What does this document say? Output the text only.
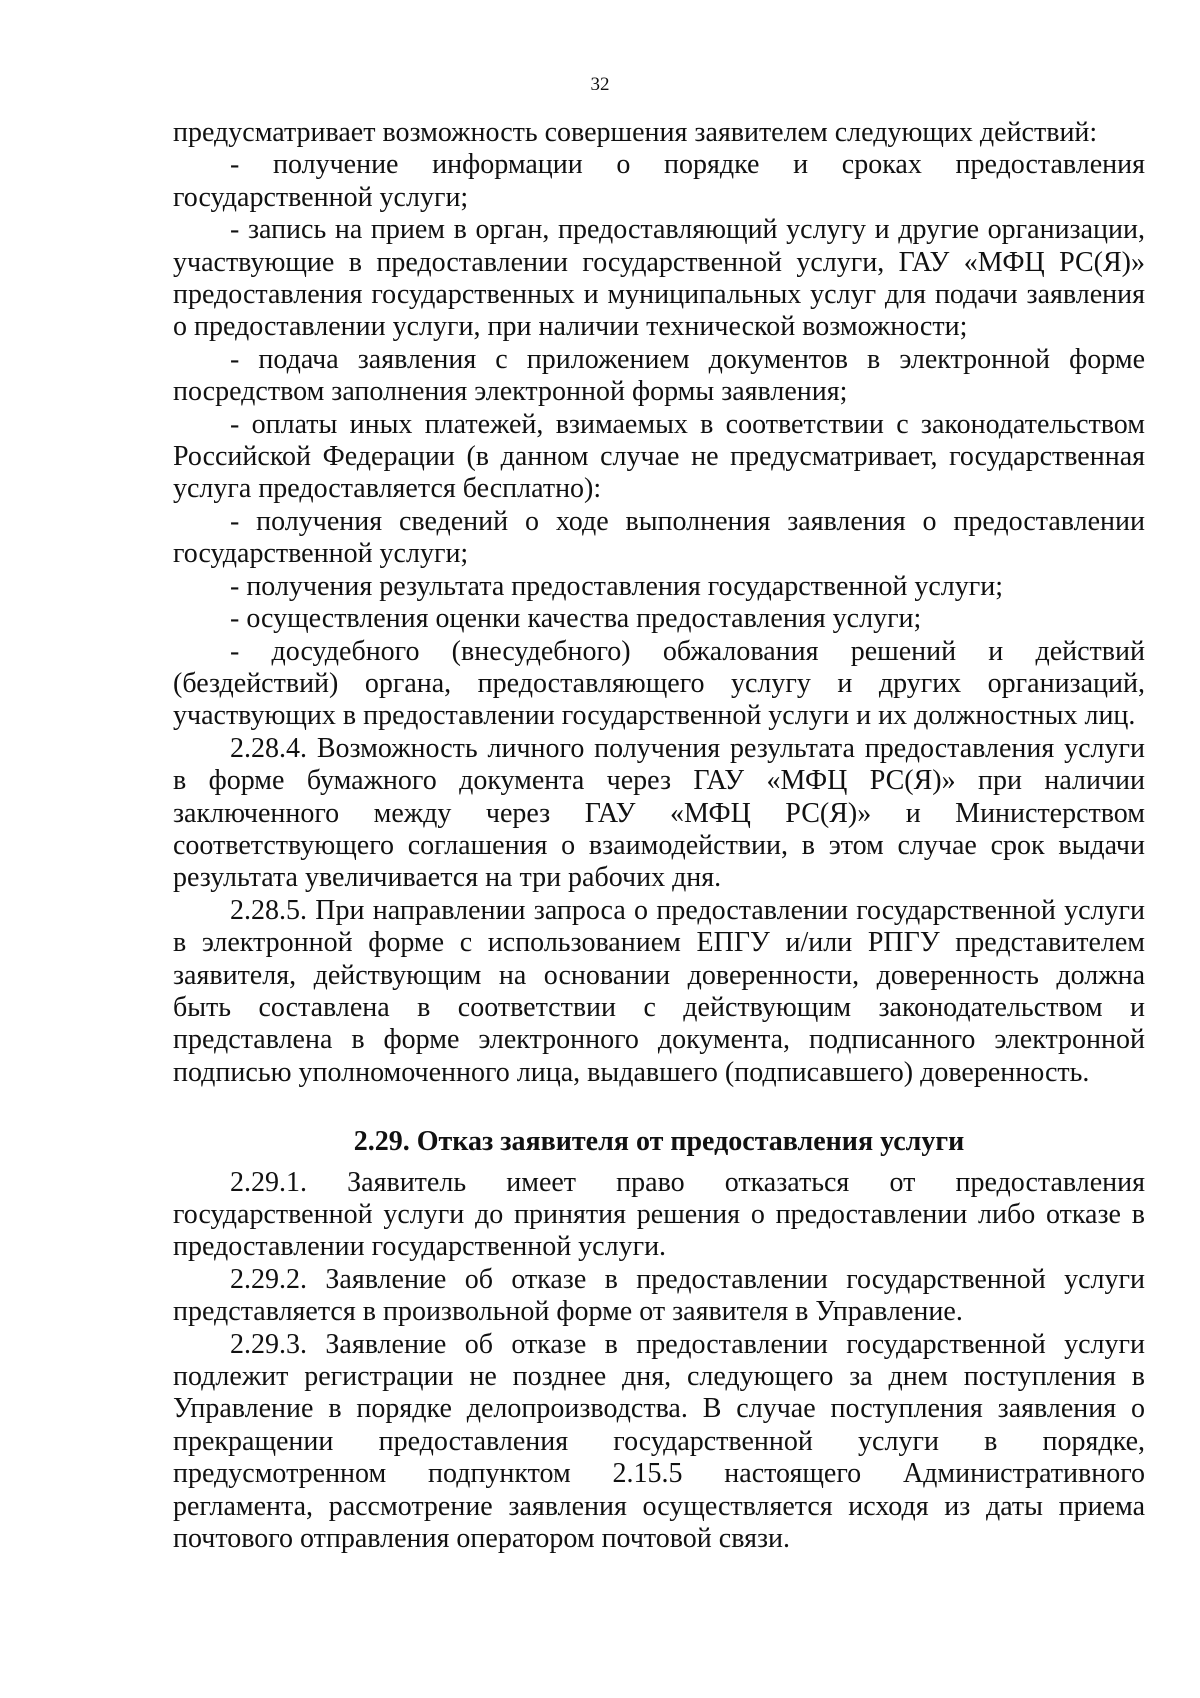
32

предусматривает возможность совершения заявителем следующих действий:

- получение информации о порядке и сроках предоставления государственной услуги;

- запись на прием в орган, предоставляющий услугу и другие организации, участвующие в предоставлении государственной услуги, ГАУ «МФЦ РС(Я)» предоставления государственных и муниципальных услуг для подачи заявления о предоставлении услуги, при наличии технической возможности;

- подача заявления с приложением документов в электронной форме посредством заполнения электронной формы заявления;

- оплаты иных платежей, взимаемых в соответствии с законодательством Российской Федерации (в данном случае не предусматривает, государственная услуга предоставляется бесплатно):

- получения сведений о ходе выполнения заявления о предоставлении государственной услуги;

- получения результата предоставления государственной услуги;

- осуществления оценки качества предоставления услуги;

- досудебного (внесудебного) обжалования решений и действий (бездействий) органа, предоставляющего услугу и других организаций, участвующих в предоставлении государственной услуги и их должностных лиц.

2.28.4. Возможность личного получения результата предоставления услуги в форме бумажного документа через ГАУ «МФЦ РС(Я)» при наличии заключенного между через ГАУ «МФЦ РС(Я)» и Министерством соответствующего соглашения о взаимодействии, в этом случае срок выдачи результата увеличивается на три рабочих дня.

2.28.5. При направлении запроса о предоставлении государственной услуги в электронной форме с использованием ЕПГУ и/или РПГУ представителем заявителя, действующим на основании доверенности, доверенность должна быть составлена в соответствии с действующим законодательством и представлена в форме электронного документа, подписанного электронной подписью уполномоченного лица, выдавшего (подписавшего) доверенность.

2.29. Отказ заявителя от предоставления услуги

2.29.1. Заявитель имеет право отказаться от предоставления государственной услуги до принятия решения о предоставлении либо отказе в предоставлении государственной услуги.

2.29.2. Заявление об отказе в предоставлении государственной услуги представляется в произвольной форме от заявителя в Управление.

2.29.3. Заявление об отказе в предоставлении государственной услуги подлежит регистрации не позднее дня, следующего за днем поступления в Управление в порядке делопроизводства. В случае поступления заявления о прекращении предоставления государственной услуги в порядке, предусмотренном подпунктом 2.15.5 настоящего Административного регламента, рассмотрение заявления осуществляется исходя из даты приема почтового отправления оператором почтовой связи.
